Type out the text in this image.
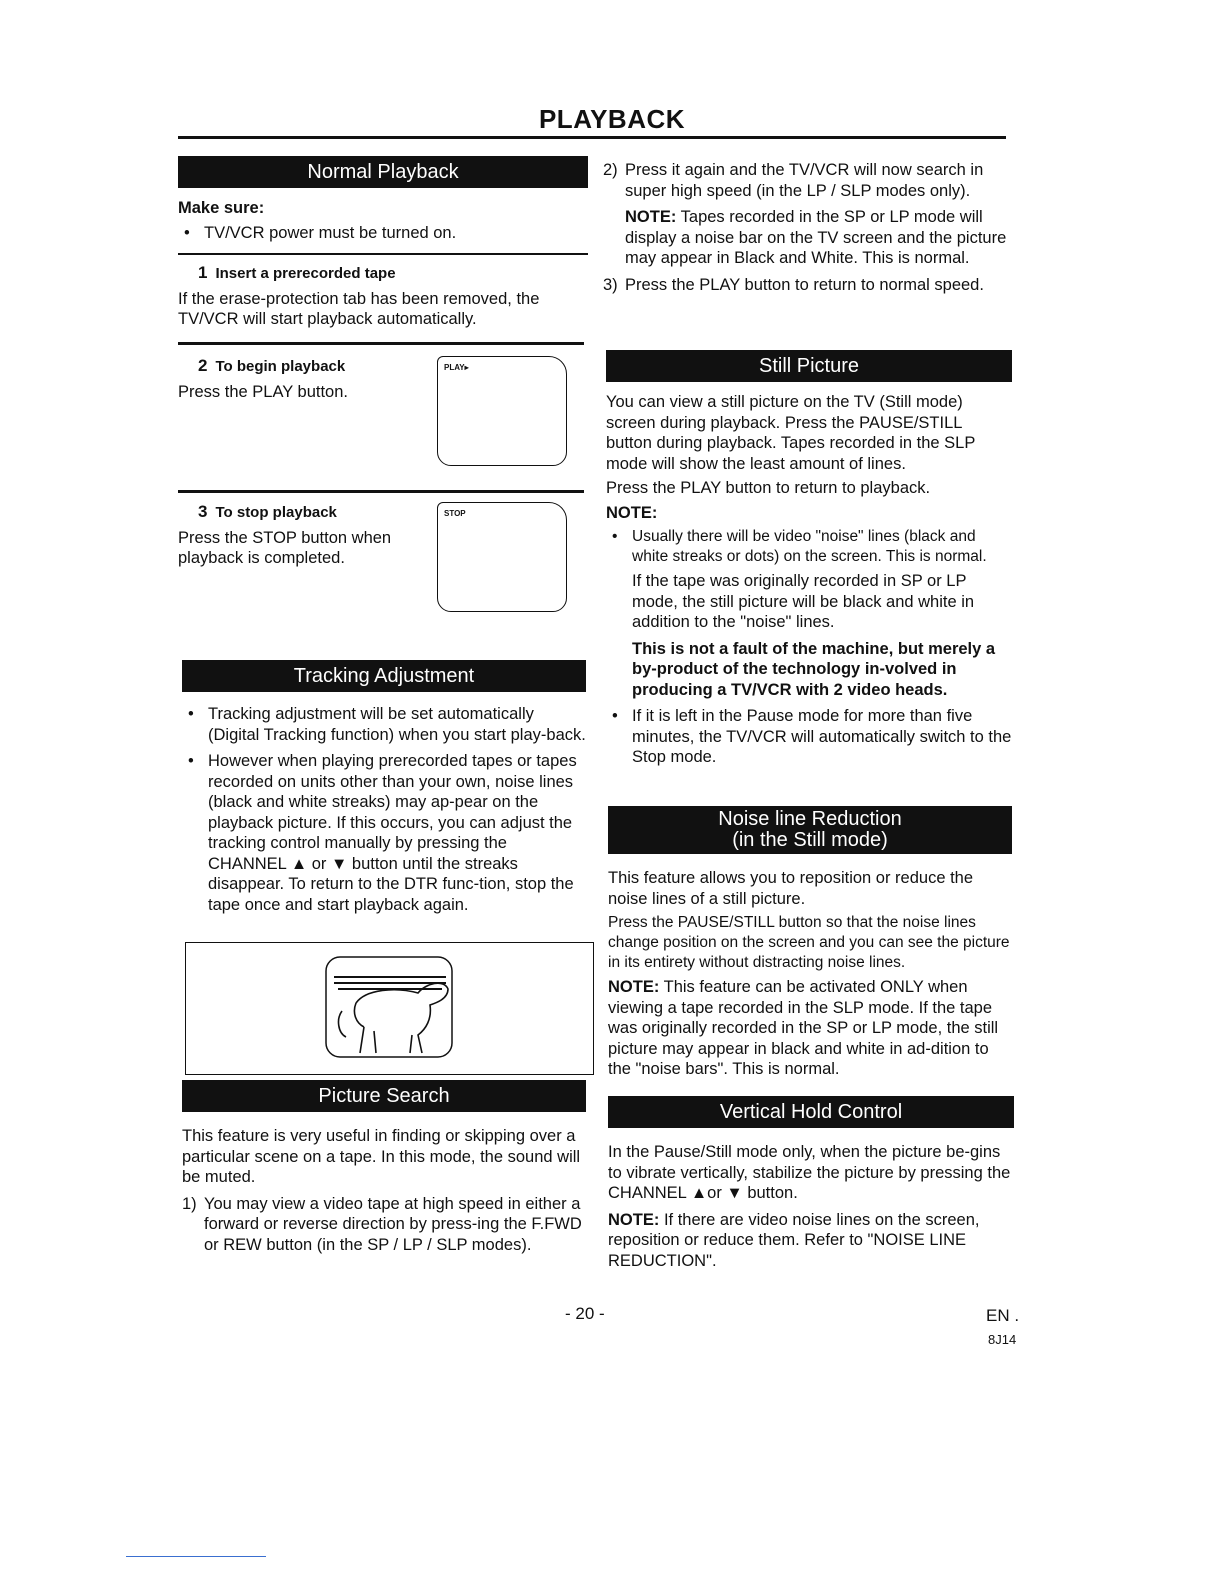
PLAYBACK
Normal Playback
Make sure:
• TV/VCR power must be turned on.
1 Insert a prerecorded tape
If the erase-protection tab has been removed, the TV/VCR will start playback automatically.
2 To begin playback
Press the PLAY button.
PLAY▸
3 To stop playback
Press the STOP button when playback is completed.
STOP
Tracking Adjustment
• Tracking adjustment will be set automatically (Digital Tracking function) when you start play-back.
• However when playing prerecorded tapes or tapes recorded on units other than your own, noise lines (black and white streaks) may ap-pear on the playback picture. If this occurs, you can adjust the tracking control manually by pressing the CHANNEL ▲ or ▼ button until the streaks disappear. To return to the DTR func-tion, stop the tape once and start playback again.
Picture Search
This feature is very useful in finding or skipping over a particular scene on a tape. In this mode, the sound will be muted.
1) You may view a video tape at high speed in either a forward or reverse direction by press-ing the F.FWD or REW button (in the SP / LP / SLP modes).
2) Press it again and the TV/VCR will now search in super high speed (in the LP / SLP modes only).
NOTE: Tapes recorded in the SP or LP mode will display a noise bar on the TV screen and the picture may appear in Black and White. This is normal.
3) Press the PLAY button to return to normal speed.
Still Picture
You can view a still picture on the TV (Still mode) screen during playback. Press the PAUSE/STILL button during playback. Tapes recorded in the SLP mode will show the least amount of lines.
Press the PLAY button to return to playback.
NOTE:
• Usually there will be video "noise" lines (black and white streaks or dots) on the screen. This is normal.
If the tape was originally recorded in SP or LP mode, the still picture will be black and white in addition to the "noise" lines.
This is not a fault of the machine, but merely a by-product of the technology in-volved in producing a TV/VCR with 2 video heads.
• If it is left in the Pause mode for more than five minutes, the TV/VCR will automatically switch to the Stop mode.
Noise line Reduction
(in the Still mode)
This feature allows you to reposition or reduce the noise lines of a still picture.
Press the PAUSE/STILL button so that the noise lines change position on the screen and you can see the picture in its entirety without distracting noise lines.
NOTE: This feature can be activated ONLY when viewing a tape recorded in the SLP mode. If the tape was originally recorded in the SP or LP mode, the still picture may appear in black and white in ad-dition to the "noise bars". This is normal.
Vertical Hold Control
In the Pause/Still mode only, when the picture be-gins to vibrate vertically, stabilize the picture by pressing the CHANNEL ▲or ▼ button.
NOTE: If there are video noise lines on the screen, reposition or reduce them. Refer to "NOISE LINE REDUCTION".
- 20 -	EN .
8J14
